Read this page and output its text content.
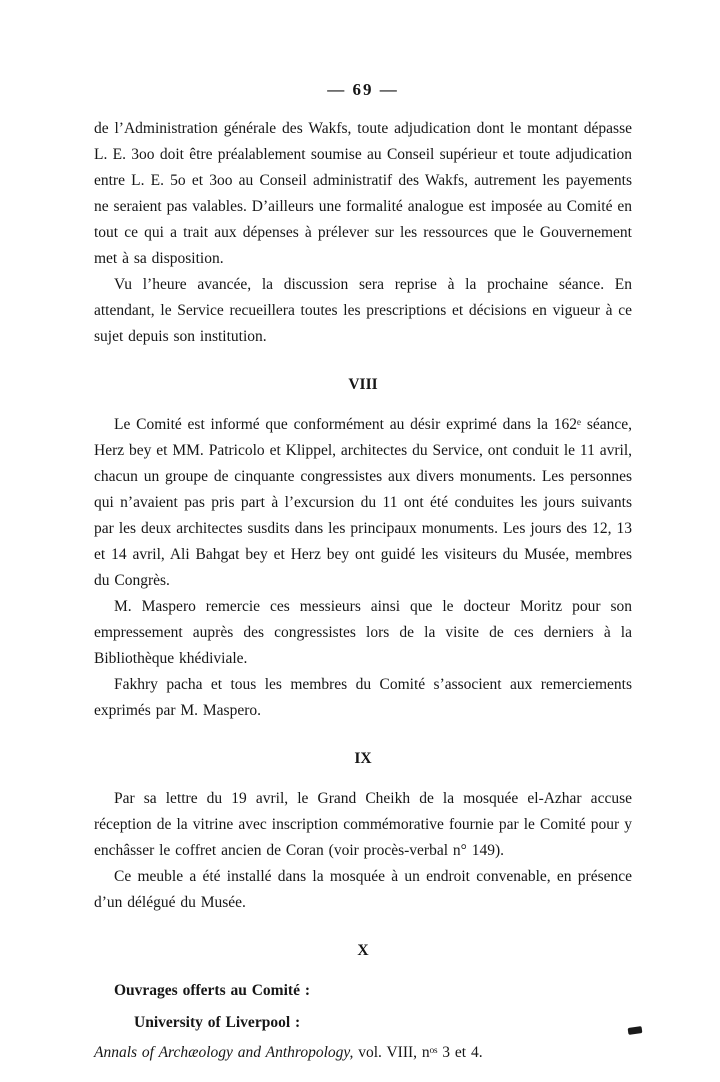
— 69 —

de l’Administration générale des Wakfs, toute adjudication dont le montant dépasse L. E. 3oo doit être préalablement soumise au Conseil supérieur et toute adjudication entre L. E. 5o et 3oo au Conseil administratif des Wakfs, autrement les payements ne seraient pas valables. D’ailleurs une formalité analogue est imposée au Comité en tout ce qui a trait aux dépenses à prélever sur les ressources que le Gouvernement met à sa disposition.

Vu l’heure avancée, la discussion sera reprise à la prochaine séance. En attendant, le Service recueillera toutes les prescriptions et décisions en vigueur à ce sujet depuis son institution.

VIII

Le Comité est informé que conformément au désir exprimé dans la 162ᵉ séance, Herz bey et MM. Patricolo et Klippel, architectes du Service, ont conduit le 11 avril, chacun un groupe de cinquante congressistes aux divers monuments. Les personnes qui n’avaient pas pris part à l’excursion du 11 ont été conduites les jours suivants par les deux architectes susdits dans les principaux monuments. Les jours des 12, 13 et 14 avril, Ali Bahgat bey et Herz bey ont guidé les visiteurs du Musée, membres du Congrès.

M. Maspero remercie ces messieurs ainsi que le docteur Moritz pour son empressement auprès des congressistes lors de la visite de ces derniers à la Bibliothèque khédiviale.

Fakhry pacha et tous les membres du Comité s’associent aux remerciements exprimés par M. Maspero.

IX

Par sa lettre du 19 avril, le Grand Cheikh de la mosquée el-Azhar accuse réception de la vitrine avec inscription commémorative fournie par le Comité pour y enchâsser le coffret ancien de Coran (voir procès-verbal n° 149).

Ce meuble a été installé dans la mosquée à un endroit convenable, en présence d’un délégué du Musée.

X

Ouvrages offerts au Comité :

University of Liverpool :

Annals of Archæology and Anthropology, vol. VIII, nᵒˢ 3 et 4.
